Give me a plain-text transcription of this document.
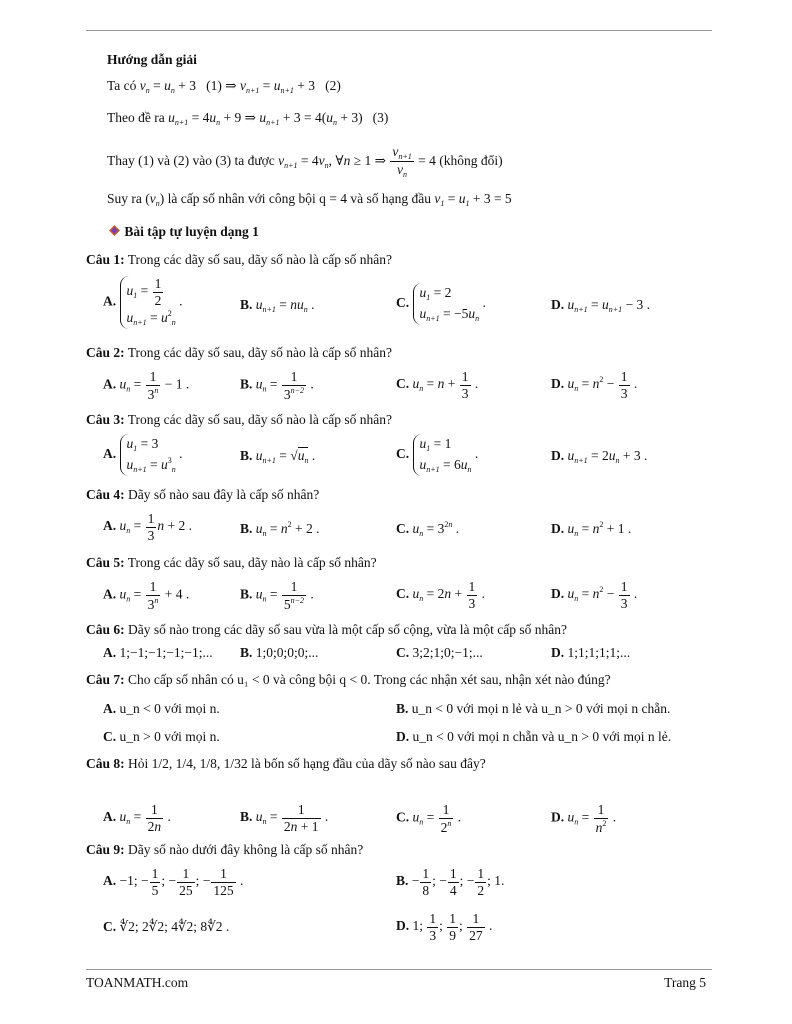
Hướng dẫn giải
Ta có $v_n = u_n + 3$   (1) ⇒ $v_{n+1} = u_{n+1} + 3$   (2)
Theo đề ra $u_{n+1} = 4u_n + 9$ ⇒ $u_{n+1} + 3 = 4(u_n + 3)$   (3)
Thay (1) và (2) vào (3) ta được $v_{n+1} = 4v_n$, ∀n ≥ 1 ⇒ $\frac{v_{n+1}}{v_n} = 4$ (không đổi)
Suy ra $(v_n)$ là cấp số nhân với công bội q = 4 và số hạng đầu $v_1 = u_1 + 3 = 5$
Bài tập tự luyện dạng 1
Câu 1: Trong các dãy số sau, dãy số nào là cấp số nhân?
A.
$u_1 = \frac{1}{2}$
$u_{n+1} = u^2_n$
.	B. $u_{n+1} = nu_n$ .	C.
$u_1 = 2$
$u_{n+1} = -5u_n$
.	D. $u_{n+1} = u_{n+1} - 3$ .
Câu 2: Trong các dãy số sau, dãy số nào là cấp số nhân?
A. $u_n = \frac{1}{3^n} - 1$ .	B. $u_n = \frac{1}{3^{n-2}}$ .	C. $u_n = n + \frac{1}{3}$ .	D. $u_n = n^2 - \frac{1}{3}$ .
Câu 3: Trong các dãy số sau, dãy số nào là cấp số nhân?
A.
$u_1 = 3$
$u_{n+1} = u^3_n$
.	B. $u_{n+1} = √u_n$ .	C.
$u_1 = 1$
$u_{n+1} = 6u_n$
.	D. $u_{n+1} = 2u_n + 3$ .
Câu 4: Dãy số nào sau đây là cấp số nhân?
A. $u_n = \frac{1}{3}$ n + 2 .	B. $u_n = n^2 + 2$ .	C. $u_n = 3^{2n}$ .	D. $u_n = n^2 + 1$ .
Câu 5: Trong các dãy số sau, dãy nào là cấp số nhân?
A. $u_n = \frac{1}{3^n} + 4$ .	B. $u_n = \frac{1}{5^{n-2}}$ .	C. $u_n = 2n + \frac{1}{3}$ .	D. $u_n = n^2 - \frac{1}{3}$ .
Câu 6: Dãy số nào trong các dãy số sau vừa là một cấp số cộng, vừa là một cấp số nhân?
A. 1;−1;−1;−1;−1;... B. 1;0;0;0;0;...	C. 3;2;1;0;−1;...	D. 1;1;1;1;1;...
Câu 7: Cho cấp số nhân có u₁ < 0 và công bội q < 0. Trong các nhận xét sau, nhận xét nào đúng?
A. u_n < 0 với mọi n.	B. u_n < 0 với mọi n lẻ và u_n > 0 với mọi n chẵn.
C. u_n > 0 với mọi n.	D. u_n < 0 với mọi n chẵn và u_n > 0 với mọi n lẻ.
Câu 8: Hỏi 1/2, 1/4, 1/8, 1/32 là bốn số hạng đầu của dãy số nào sau đây?
A. $u_n = \frac{1}{2n}$ .	B. $u_n = \frac{1}{2n + 1}$ .	C. $u_n = \frac{1}{2^n}$ .	D. $u_n = \frac{1}{n^2}$ .
Câu 9: Dãy số nào dưới đây không là cấp số nhân?
A. −1; − $\frac{1}{5}$ ; − $\frac{1}{25}$ ; − $\frac{1}{125}$ .	B. − $\frac{1}{8}$ ; − $\frac{1}{4}$ ; − $\frac{1}{2}$ ; 1.
C. ∜2; 2∜2; 4∜2; 8∜2 .	D. 1; $\frac{1}{3}$ ; $\frac{1}{9}$ ; $\frac{1}{27}$ .
TOANMATH.com	Trang 5
